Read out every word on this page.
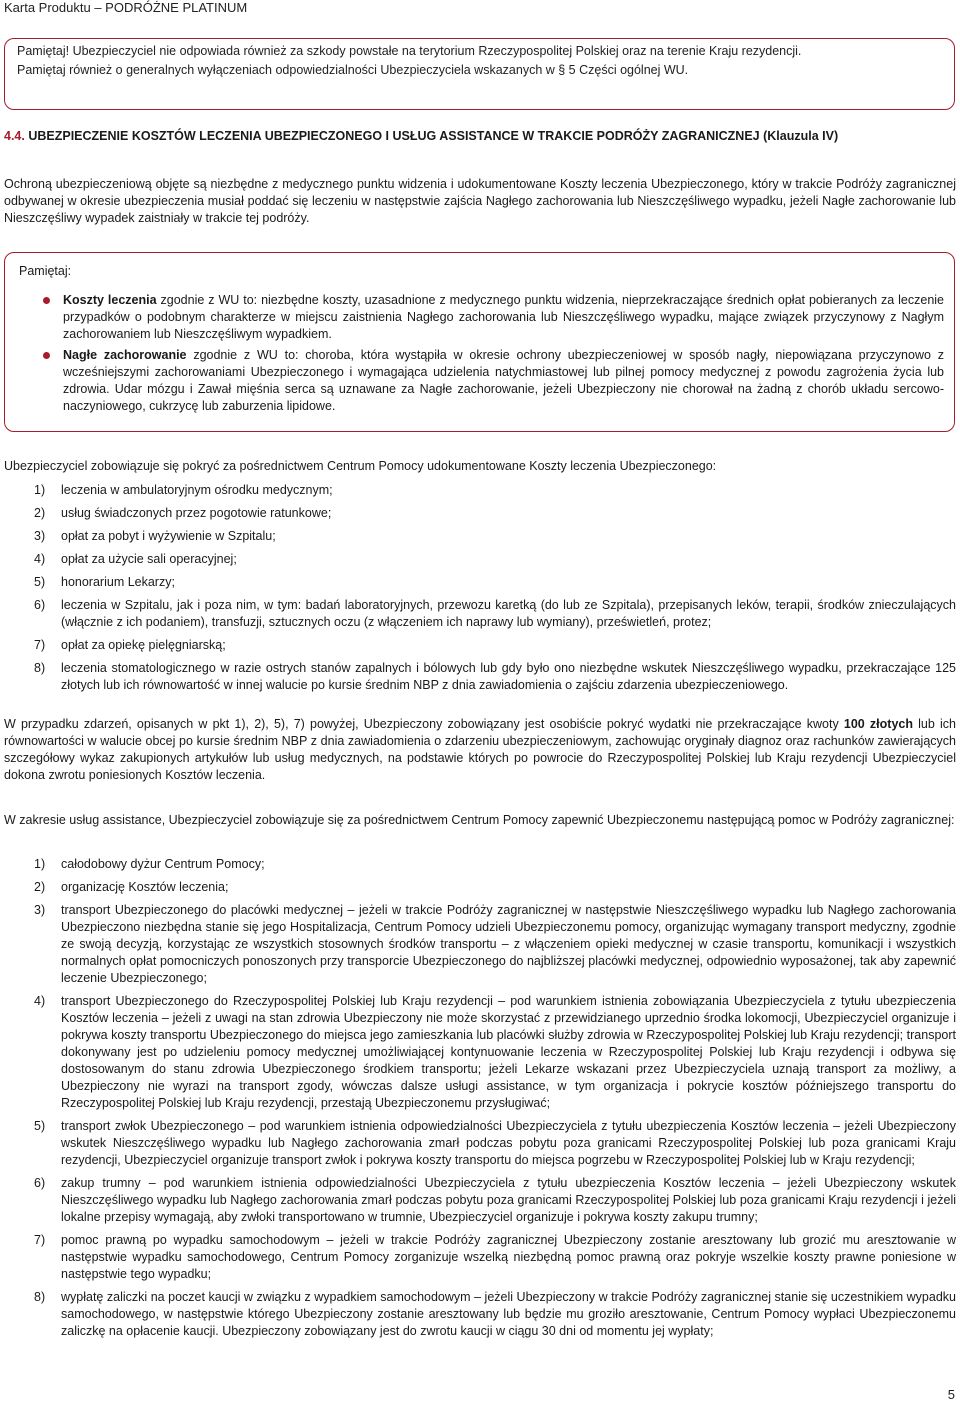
Karta Produktu – PODRÓŻNE PLATINUM

Pamiętaj! Ubezpieczyciel nie odpowiada również za szkody powstałe na terytorium Rzeczypospolitej Polskiej oraz na terenie Kraju rezydencji.

Pamiętaj również o generalnych wyłączeniach odpowiedzialności Ubezpieczyciela wskazanych w § 5 Części ogólnej WU.

4.4. UBEZPIECZENIE KOSZTÓW LECZENIA UBEZPIECZONEGO I USŁUG ASSISTANCE W TRAKCIE PODRÓŻY ZAGRANICZNEJ (Klauzula IV)

Ochroną ubezpieczeniową objęte są niezbędne z medycznego punktu widzenia i udokumentowane Koszty leczenia Ubezpieczonego, który w trakcie Podróży zagranicznej odbywanej w okresie ubezpieczenia musiał poddać się leczeniu w następstwie zajścia Nagłego zachorowania lub Nieszczęśliwego wypadku, jeżeli Nagłe zachorowanie lub Nieszczęśliwy wypadek zaistniały w trakcie tej podróży.

Pamiętaj:
Koszty leczenia zgodnie z WU to: niezbędne koszty, uzasadnione z medycznego punktu widzenia, nieprzekraczające średnich opłat pobieranych za leczenie przypadków o podobnym charakterze w miejscu zaistnienia Nagłego zachorowania lub Nieszczęśliwego wypadku, mające związek przyczynowy z Nagłym zachorowaniem lub Nieszczęśliwym wypadkiem.
Nagłe zachorowanie zgodnie z WU to: choroba, która wystąpiła w okresie ochrony ubezpieczeniowej w sposób nagły, niepowiązana przyczynowo z wcześniejszymi zachorowaniami Ubezpieczonego i wymagająca udzielenia natychmiastowej lub pilnej pomocy medycznej z powodu zagrożenia życia lub zdrowia. Udar mózgu i Zawał mięśnia serca są uznawane za Nagłe zachorowanie, jeżeli Ubezpieczony nie chorował na żadną z chorób układu sercowo-naczyniowego, cukrzycę lub zaburzenia lipidowe.

Ubezpieczyciel zobowiązuje się pokryć za pośrednictwem Centrum Pomocy udokumentowane Koszty leczenia Ubezpieczonego:

1) leczenia w ambulatoryjnym ośrodku medycznym;
2) usług świadczonych przez pogotowie ratunkowe;
3) opłat za pobyt i wyżywienie w Szpitalu;
4) opłat za użycie sali operacyjnej;
5) honorarium Lekarzy;
6) leczenia w Szpitalu, jak i poza nim, w tym: badań laboratoryjnych, przewozu karetką (do lub ze Szpitala), przepisanych leków, terapii, środków znieczulających (włącznie z ich podaniem), transfuzji, sztucznych oczu (z włączeniem ich naprawy lub wymiany), prześwietleń, protez;
7) opłat za opiekę pielęgniarską;
8) leczenia stomatologicznego w razie ostrych stanów zapalnych i bólowych lub gdy było ono niezbędne wskutek Nieszczęśliwego wypadku, przekraczające 125 złotych lub ich równowartość w innej walucie po kursie średnim NBP z dnia zawiadomienia o zajściu zdarzenia ubezpieczeniowego.

W przypadku zdarzeń, opisanych w pkt 1), 2), 5), 7) powyżej, Ubezpieczony zobowiązany jest osobiście pokryć wydatki nie przekraczające kwoty 100 złotych lub ich równowartości w walucie obcej po kursie średnim NBP z dnia zawiadomienia o zdarzeniu ubezpieczeniowym, zachowując oryginały diagnoz oraz rachunków zawierających szczegółowy wykaz zakupionych artykułów lub usług medycznych, na podstawie których po powrocie do Rzeczypospolitej Polskiej lub Kraju rezydencji Ubezpieczyciel dokona zwrotu poniesionych Kosztów leczenia.

W zakresie usług assistance, Ubezpieczyciel zobowiązuje się za pośrednictwem Centrum Pomocy zapewnić Ubezpieczonemu następującą pomoc w Podróży zagranicznej:

1) całodobowy dyżur Centrum Pomocy;
2) organizację Kosztów leczenia;
3) transport Ubezpieczonego do placówki medycznej – jeżeli w trakcie Podróży zagranicznej w następstwie Nieszczęśliwego wypadku lub Nagłego zachorowania Ubezpieczono niezbędna stanie się jego Hospitalizacja, Centrum Pomocy udzieli Ubezpieczonemu pomocy, organizując wymagany transport medyczny, zgodnie ze swoją decyzją, korzystając ze wszystkich stosownych środków transportu – z włączeniem opieki medycznej w czasie transportu, komunikacji i wszystkich normalnych opłat pomocniczych ponoszonych przy transporcie Ubezpieczonego do najbliższej placówki medycznej, odpowiednio wyposażonej, tak aby zapewnić leczenie Ubezpieczonego;
4) transport Ubezpieczonego do Rzeczypospolitej Polskiej lub Kraju rezydencji – pod warunkiem istnienia zobowiązania Ubezpieczyciela z tytułu ubezpieczenia Kosztów leczenia – jeżeli z uwagi na stan zdrowia Ubezpieczony nie może skorzystać z przewidzianego uprzednio środka lokomocji, Ubezpieczyciel organizuje i pokrywa koszty transportu Ubezpieczonego do miejsca jego zamieszkania lub placówki służby zdrowia w Rzeczypospolitej Polskiej lub Kraju rezydencji; transport dokonywany jest po udzieleniu pomocy medycznej umożliwiającej kontynuowanie leczenia w Rzeczypospolitej Polskiej lub Kraju rezydencji i odbywa się dostosowanym do stanu zdrowia Ubezpieczonego środkiem transportu; jeżeli Lekarze wskazani przez Ubezpieczyciela uznają transport za możliwy, a Ubezpieczony nie wyrazi na transport zgody, wówczas dalsze usługi assistance, w tym organizacja i pokrycie kosztów późniejszego transportu do Rzeczypospolitej Polskiej lub Kraju rezydencji, przestają Ubezpieczonemu przysługiwać;
5) transport zwłok Ubezpieczonego – pod warunkiem istnienia odpowiedzialności Ubezpieczyciela z tytułu ubezpieczenia Kosztów leczenia – jeżeli Ubezpieczony wskutek Nieszczęśliwego wypadku lub Nagłego zachorowania zmarł podczas pobytu poza granicami Rzeczypospolitej Polskiej lub poza granicami Kraju rezydencji, Ubezpieczyciel organizuje transport zwłok i pokrywa koszty transportu do miejsca pogrzebu w Rzeczypospolitej Polskiej lub w Kraju rezydencji;
6) zakup trumny – pod warunkiem istnienia odpowiedzialności Ubezpieczyciela z tytułu ubezpieczenia Kosztów leczenia – jeżeli Ubezpieczony wskutek Nieszczęśliwego wypadku lub Nagłego zachorowania zmarł podczas pobytu poza granicami Rzeczypospolitej Polskiej lub poza granicami Kraju rezydencji i jeżeli lokalne przepisy wymagają, aby zwłoki transportowano w trumnie, Ubezpieczyciel organizuje i pokrywa koszty zakupu trumny;
7) pomoc prawną po wypadku samochodowym – jeżeli w trakcie Podróży zagranicznej Ubezpieczony zostanie aresztowany lub grozić mu aresztowanie w następstwie wypadku samochodowego, Centrum Pomocy zorganizuje wszelką niezbędną pomoc prawną oraz pokryje wszelkie koszty prawne poniesione w następstwie tego wypadku;
8) wypłatę zaliczki na poczet kaucji w związku z wypadkiem samochodowym – jeżeli Ubezpieczony w trakcie Podróży zagranicznej stanie się uczestnikiem wypadku samochodowego, w następstwie którego Ubezpieczony zostanie aresztowany lub będzie mu groziło aresztowanie, Centrum Pomocy wypłaci Ubezpieczonemu zaliczkę na opłacenie kaucji. Ubezpieczony zobowiązany jest do zwrotu kaucji w ciągu 30 dni od momentu jej wypłaty;
5
